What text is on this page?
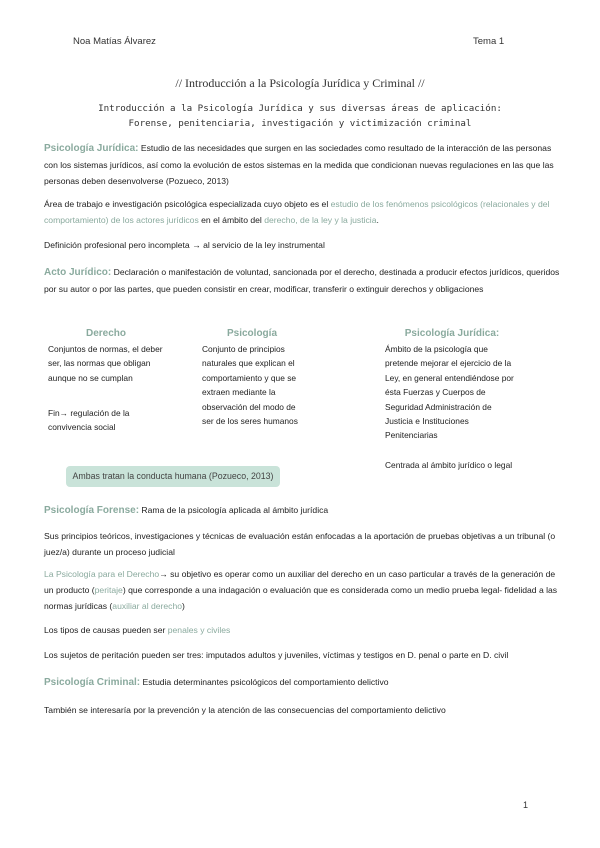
Noa Matías Álvarez	Tema 1
// Introducción a la Psicología Jurídica y Criminal //
Introducción a la Psicología Jurídica y sus diversas áreas de aplicación:
Forense, penitenciaria, investigación y victimización criminal
Psicología Jurídica: Estudio de las necesidades que surgen en las sociedades como resultado de la interacción de las personas con los sistemas jurídicos, así como la evolución de estos sistemas en la medida que condicionan nuevas regulaciones en las que las personas deben desenvolverse (Pozueco, 2013)
Área de trabajo e investigación psicológica especializada cuyo objeto es el estudio de los fenómenos psicológicos (relacionales y del comportamiento) de los actores jurídicos en el ámbito del derecho, de la ley y la justicia.
Definición profesional pero incompleta → al servicio de la ley instrumental
Acto Jurídico: Declaración o manifestación de voluntad, sancionada por el derecho, destinada a producir efectos jurídicos, queridos por su autor o por las partes, que pueden consistir en crear, modificar, transferir o extinguir derechos y obligaciones
Derecho
Conjuntos de normas, el deber ser, las normas que obligan aunque no se cumplan
Fin→ regulación de la convivencia social
Psicología
Conjunto de principios naturales que explican el comportamiento y que se extraen mediante la observación del modo de ser de los seres humanos
Psicología Jurídica:
Ámbito de la psicología que pretende mejorar el ejercicio de la Ley, en general entendiéndose por ésta Fuerzas y Cuerpos de Seguridad Administración de Justicia e Instituciones Penitenciarias
Centrada al ámbito jurídico o legal
Ambas tratan la conducta humana (Pozueco, 2013)
Psicología Forense: Rama de la psicología aplicada al ámbito jurídica
Sus principios teóricos, investigaciones y técnicas de evaluación están enfocadas a la aportación de pruebas objetivas a un tribunal (o juez/a) durante un proceso judicial
La Psicología para el Derecho→ su objetivo es operar como un auxiliar del derecho en un caso particular a través de la generación de un producto (peritaje) que corresponde a una indagación o evaluación que es considerada como un medio prueba legal- fidelidad a las normas jurídicas (auxiliar al derecho)
Los tipos de causas pueden ser penales y civiles
Los sujetos de peritación pueden ser tres: imputados adultos y juveniles, víctimas y testigos en D. penal o parte en D. civil
Psicología Criminal: Estudia determinantes psicológicos del comportamiento delictivo
También se interesaría por la prevención y la atención de las consecuencias del comportamiento delictivo
1
